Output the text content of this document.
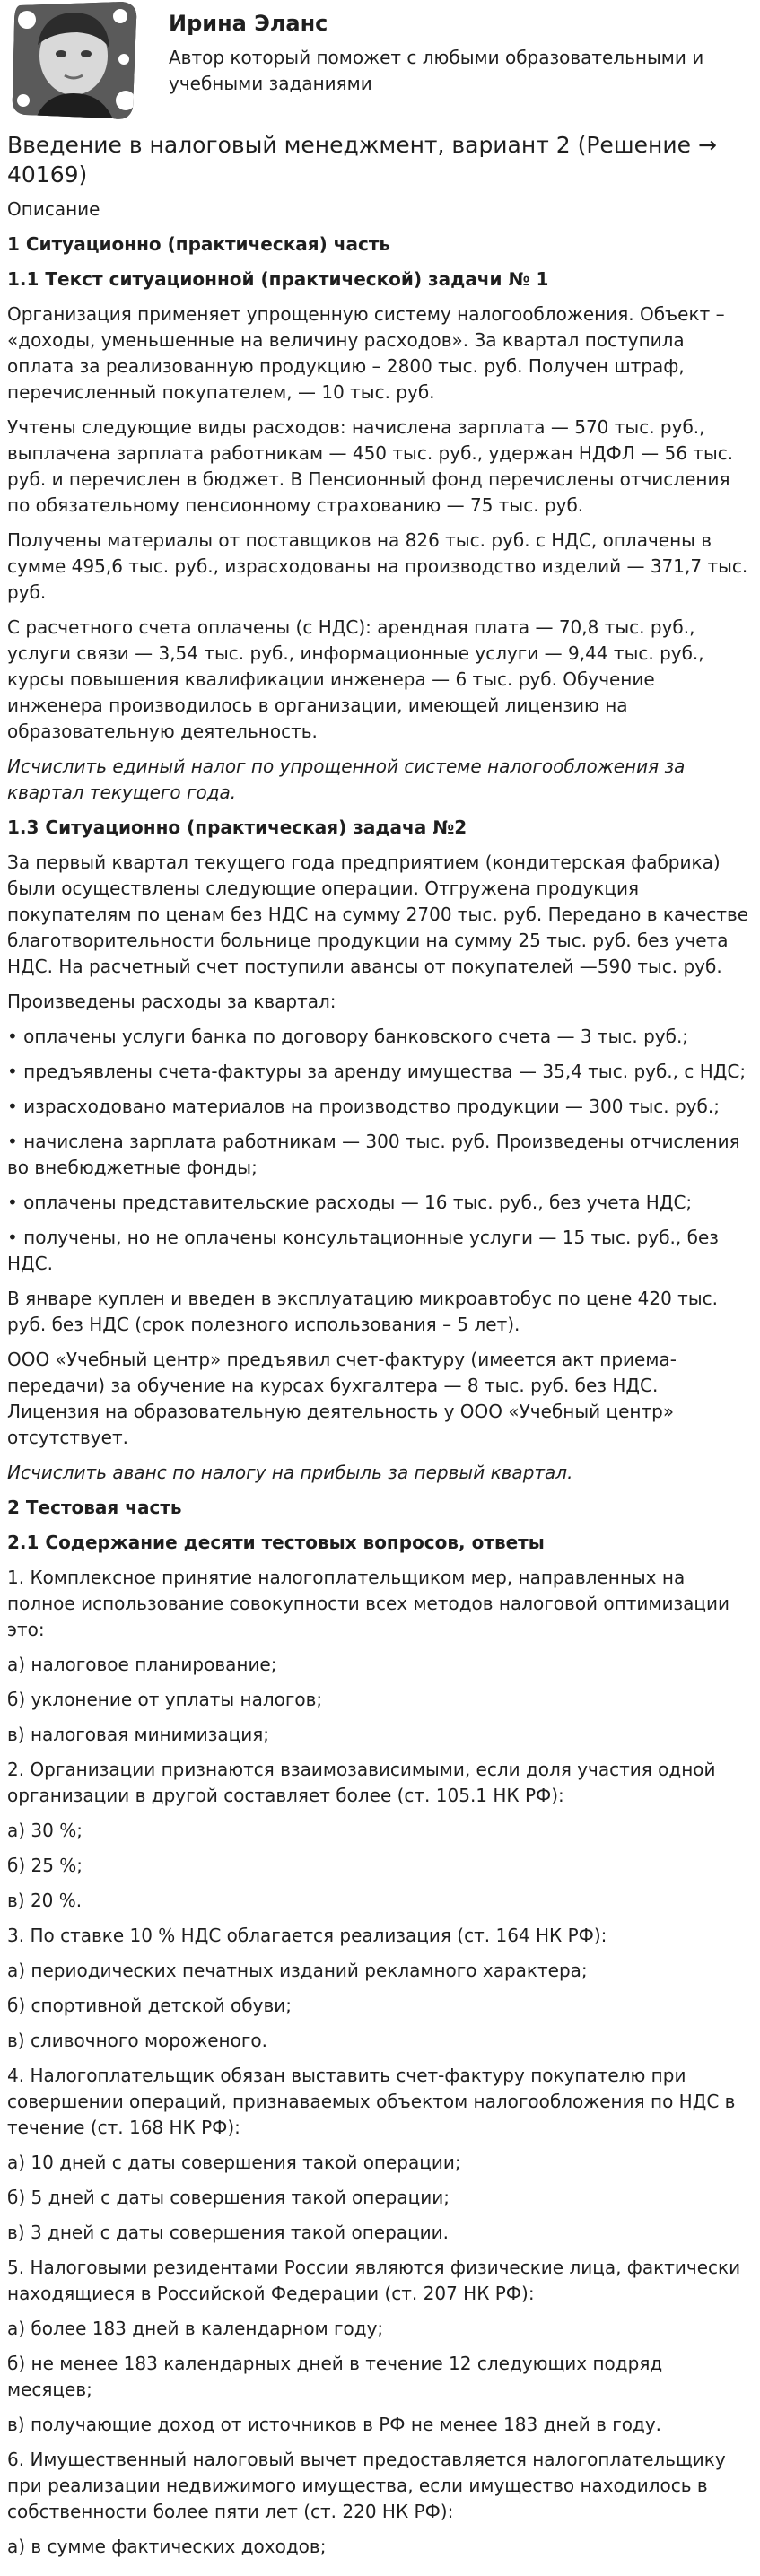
Ирина Эланс
Автор который поможет с любыми образовательными и учебными заданиями
Введение в налоговый менеджмент, вариант 2 (Решение → 40169)
Описание
1 Ситуационно (практическая) часть
1.1 Текст ситуационной (практической) задачи № 1

Организация применяет упрощенную систему налогообложения. Объект – «доходы, уменьшенные на величину расходов». За квартал поступила оплата за реализованную продукцию – 2800 тыс. руб. Получен штраф, перечисленный покупателем, — 10 тыс. руб.

Учтены следующие виды расходов: начислена зарплата — 570 тыс. руб., выплачена зарплата работникам — 450 тыс. руб., удержан НДФЛ — 56 тыс. руб. и перечислен в бюджет. В Пенсионный фонд перечислены отчисления по обязательному пенсионному страхованию — 75 тыс. руб.

Получены материалы от поставщиков на 826 тыс. руб. с НДС, оплачены в сумме 495,6 тыс. руб., израсходованы на производство изделий — 371,7 тыс. руб.

С расчетного счета оплачены (с НДС): арендная плата — 70,8 тыс. руб., услуги связи — 3,54 тыс. руб., информационные услуги — 9,44 тыс. руб., курсы повышения квалификации инженера — 6 тыс. руб. Обучение инженера производилось в организации, имеющей лицензию на образовательную деятельность.

Исчислить единый налог по упрощенной системе налогообложения за квартал текущего года.

1.3 Ситуационно (практическая) задача №2

За первый квартал текущего года предприятием (кондитерская фабрика) были осуществлены следующие операции. Отгружена продукция покупателям по ценам без НДС на сумму 2700 тыс. руб. Передано в качестве благотворительности больнице продукции на сумму 25 тыс. руб. без учета НДС. На расчетный счет поступили авансы от покупателей —590 тыс. руб.

Произведены расходы за квартал:

• оплачены услуги банка по договору банковского счета — 3 тыс. руб.;

• предъявлены счета-фактуры за аренду имущества — 35,4 тыс. руб., с НДС;

• израсходовано материалов на производство продукции — 300 тыс. руб.;

• начислена зарплата работникам — 300 тыс. руб. Произведены отчисления во внебюджетные фонды;

• оплачены представительские расходы — 16 тыс. руб., без учета НДС;

• получены, но не оплачены консультационные услуги — 15 тыс. руб., без НДС.

В январе куплен и введен в эксплуатацию микроавтобус по цене 420 тыс. руб. без НДС (срок полезного использования – 5 лет).

ООО «Учебный центр» предъявил счет-фактуру (имеется акт приема-передачи) за обучение на курсах бухгалтера — 8 тыс. руб. без НДС. Лицензия на образовательную деятельность у ООО «Учебный центр» отсутствует.

Исчислить аванс по налогу на прибыль за первый квартал.

2 Тестовая часть
2.1 Содержание десяти тестовых вопросов, ответы

1. Комплексное принятие налогоплательщиком мер, направленных на полное использование совокупности всех методов налоговой оптимизации это:

а) налоговое планирование;

б) уклонение от уплаты налогов;

в) налоговая минимизация;

2. Организации признаются взаимозависимыми, если доля участия одной организации в другой составляет более (ст. 105.1 НК РФ):

а) 30 %;

б) 25 %;

в) 20 %.

3. По ставке 10 % НДС облагается реализация (ст. 164 НК РФ):

а) периодических печатных изданий рекламного характера;

б) спортивной детской обуви;

в) сливочного мороженого.

4. Налогоплательщик обязан выставить счет-фактуру покупателю при совершении операций, признаваемых объектом налогообложения по НДС в течение (ст. 168 НК РФ):

а) 10 дней с даты совершения такой операции;

б) 5 дней с даты совершения такой операции;

в) 3 дней с даты совершения такой операции.

5. Налоговыми резидентами России являются физические лица, фактически находящиеся в Российской Федерации (ст. 207 НК РФ):

а) более 183 дней в календарном году;

б) не менее 183 календарных дней в течение 12 следующих подряд месяцев;

в) получающие доход от источников в РФ не менее 183 дней в году.

6. Имущественный налоговый вычет предоставляется налогоплательщику при реализации недвижимого имущества, если имущество находилось в собственности более пяти лет (ст. 220 НК РФ):

а) в сумме фактических доходов;
